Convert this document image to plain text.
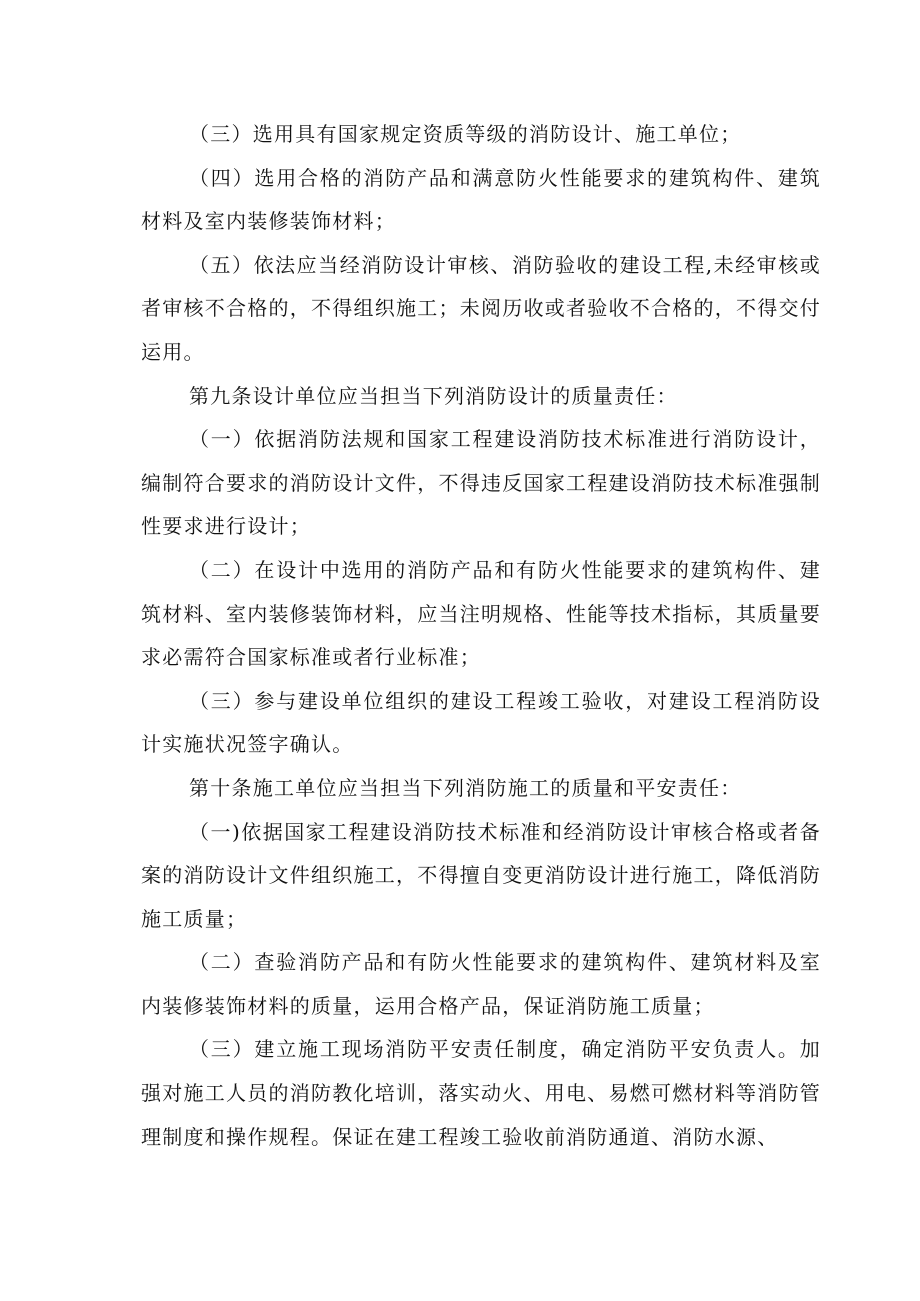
（三）选用具有国家规定资质等级的消防设计、施工单位；

（四）选用合格的消防产品和满意防火性能要求的建筑构件、建筑材料及室内装修装饰材料；

（五）依法应当经消防设计审核、消防验收的建设工程,未经审核或者审核不合格的，不得组织施工；未阅历收或者验收不合格的，不得交付运用。

第九条设计单位应当担当下列消防设计的质量责任：

（一）依据消防法规和国家工程建设消防技术标准进行消防设计，编制符合要求的消防设计文件，不得违反国家工程建设消防技术标准强制性要求进行设计；

（二）在设计中选用的消防产品和有防火性能要求的建筑构件、建筑材料、室内装修装饰材料，应当注明规格、性能等技术指标，其质量要求必需符合国家标准或者行业标准；

（三）参与建设单位组织的建设工程竣工验收，对建设工程消防设计实施状况签字确认。

第十条施工单位应当担当下列消防施工的质量和平安责任：

（一)依据国家工程建设消防技术标准和经消防设计审核合格或者备案的消防设计文件组织施工，不得擅自变更消防设计进行施工，降低消防施工质量；

（二）查验消防产品和有防火性能要求的建筑构件、建筑材料及室内装修装饰材料的质量，运用合格产品，保证消防施工质量；

（三）建立施工现场消防平安责任制度，确定消防平安负责人。加强对施工人员的消防教化培训，落实动火、用电、易燃可燃材料等消防管理制度和操作规程。保证在建工程竣工验收前消防通道、消防水源、
